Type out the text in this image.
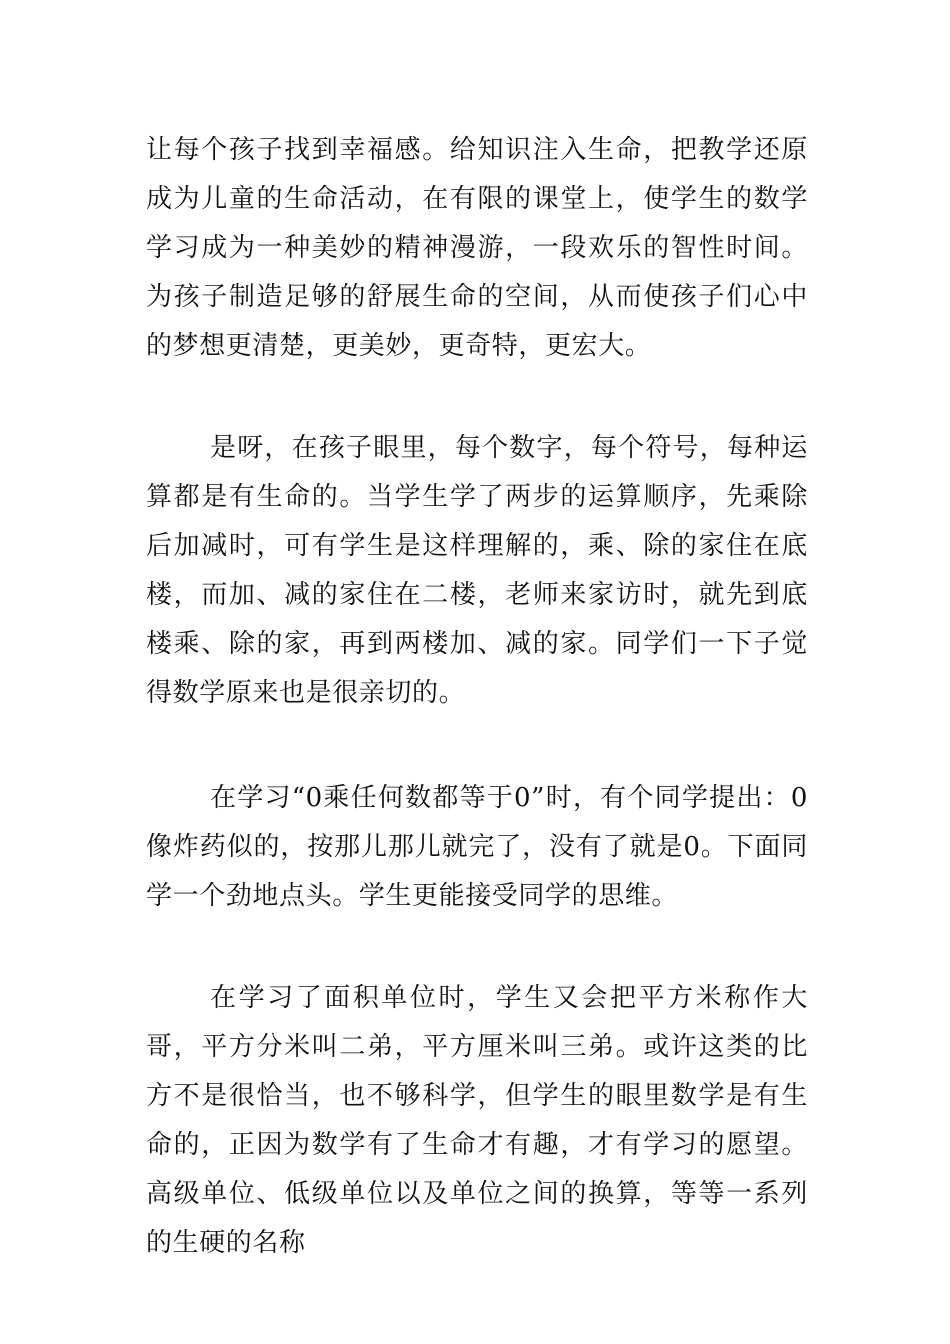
让每个孩子找到幸福感。给知识注入生命，把教学还原成为儿童的生命活动，在有限的课堂上，使学生的数学学习成为一种美妙的精神漫游，一段欢乐的智性时间。为孩子制造足够的舒展生命的空间，从而使孩子们心中的梦想更清楚，更美妙，更奇特，更宏大。

是呀，在孩子眼里，每个数字，每个符号，每种运算都是有生命的。当学生学了两步的运算顺序，先乘除后加减时，可有学生是这样理解的，乘、除的家住在底楼，而加、减的家住在二楼，老师来家访时，就先到底楼乘、除的家，再到两楼加、减的家。同学们一下子觉得数学原来也是很亲切的。

在学习“0乘任何数都等于0”时，有个同学提出：0像炸药似的，按那儿那儿就完了，没有了就是0。下面同学一个劲地点头。学生更能接受同学的思维。

在学习了面积单位时，学生又会把平方米称作大哥，平方分米叫二弟，平方厘米叫三弟。或许这类的比方不是很恰当，也不够科学，但学生的眼里数学是有生命的，正因为数学有了生命才有趣，才有学习的愿望。高级单位、低级单位以及单位之间的换算，等等一系列的生硬的名称
